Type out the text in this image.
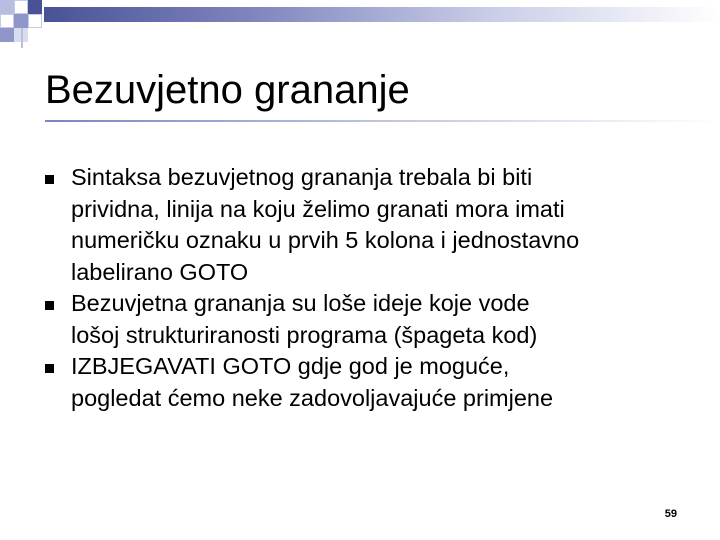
Bezuvjetno grananje
Sintaksa bezuvjetnog grananja trebala bi biti
prividna, linija na koju želimo granati mora imati
numeričku oznaku u prvih 5 kolona i jednostavno
labelirano GOTO
Bezuvjetna grananja su loše ideje koje vode
lošoj strukturiranosti programa (špageta kod)
IZBJEGAVATI GOTO gdje god je moguće,
pogledat ćemo neke zadovoljavajuće primjene
59
